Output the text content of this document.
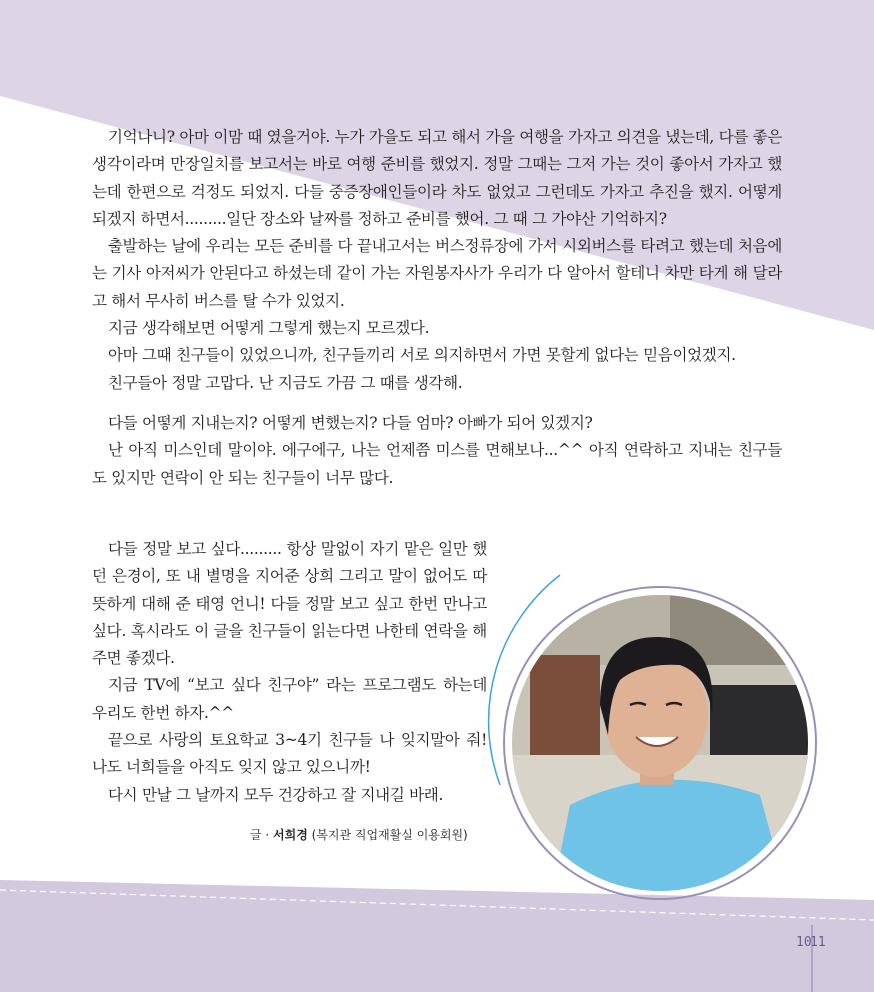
기억나니? 아마 이맘 때 였을거야. 누가 가을도 되고 해서 가을 여행을 가자고 의견을 냈는데, 다를 좋은 생각이라며 만장일치를 보고서는 바로 여행 준비를 했었지. 정말 그때는 그저 가는 것이 좋아서 가자고 했는데 한편으로 걱정도 되었지. 다들 중증장애인들이라 차도 없었고 그런데도 가자고 추진을 했지. 어떻게 되겠지 하면서.........일단 장소와 날짜를 정하고 준비를 했어. 그 때 그 가야산 기억하지?

출발하는 날에 우리는 모든 준비를 다 끝내고서는 버스정류장에 가서 시외버스를 타려고 했는데 처음에는 기사 아저씨가 안된다고 하셨는데 같이 가는 자원봉자사가 우리가 다 알아서 할테니 차만 타게 해 달라고 해서 무사히 버스를 탈 수가 있었지.

지금 생각해보면 어떻게 그렇게 했는지 모르겠다.

아마 그때 친구들이 있었으니까, 친구들끼리 서로 의지하면서 가면 못할게 없다는 믿음이었겠지.

친구들아 정말 고맙다. 난 지금도 가끔 그 때를 생각해.

다들 어떻게 지내는지? 어떻게 변했는지? 다들 엄마? 아빠가 되어 있겠지?

난 아직 미스인데 말이야. 에구에구, 나는 언제쯤 미스를 면해보나...^^ 아직 연락하고 지내는 친구들도 있지만 연락이 안 되는 친구들이 너무 많다.

다들 정말 보고 싶다......... 항상 말없이 자기 맡은 일만 했던 은경이, 또 내 별명을 지어준 상희 그리고 말이 없어도 따뜻하게 대해 준 태영 언니! 다들 정말 보고 싶고 한번 만나고 싶다. 혹시라도 이 글을 친구들이 읽는다면 나한테 연락을 해주면 좋겠다.

지금 TV에 “보고 싶다 친구야” 라는 프로그램도 하는데 우리도 한번 하자.^^

끝으로 사랑의 토요학교 3~4기 친구들 나 잊지말아 줘! 나도 너희들을 아직도 잊지 않고 있으니까!

다시 만날 그 날까지 모두 건강하고 잘 지내길 바래.

글 · 서희경 (복지관 직업재활실 이용회원)
10
11
